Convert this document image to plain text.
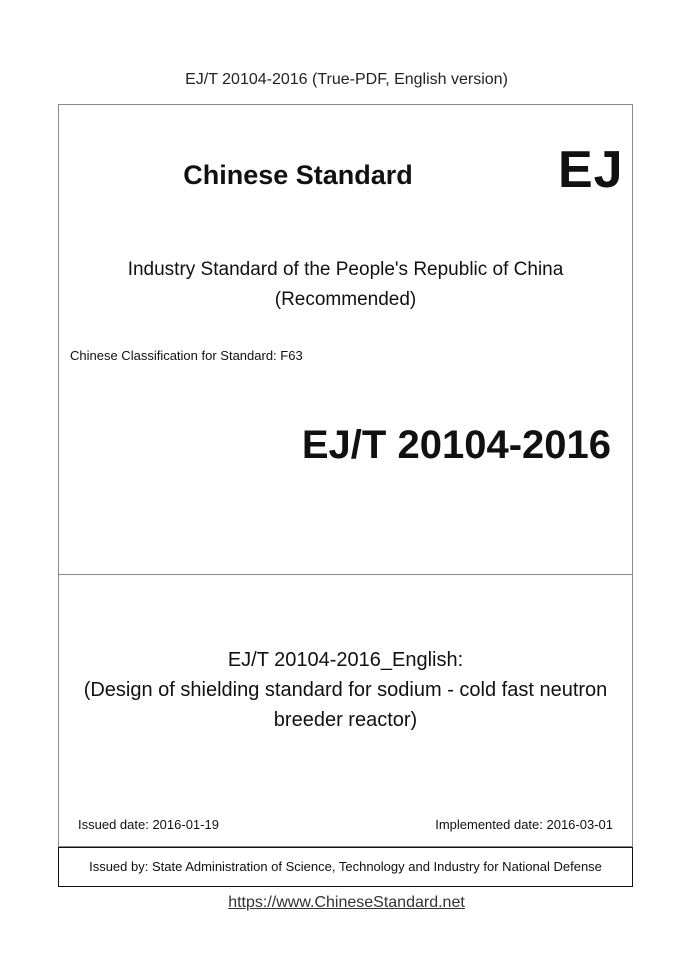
EJ/T 20104-2016 (True-PDF, English version)
Chinese Standard	EJ
Industry Standard of the People's Republic of China
(Recommended)
Chinese Classification for Standard: F63
EJ/T 20104-2016
EJ/T 20104-2016_English:
(Design of shielding standard for sodium - cold fast neutron
breeder reactor)
Issued date: 2016-01-19	Implemented date: 2016-03-01
Issued by: State Administration of Science, Technology and Industry for National Defense
https://www.ChineseStandard.net
